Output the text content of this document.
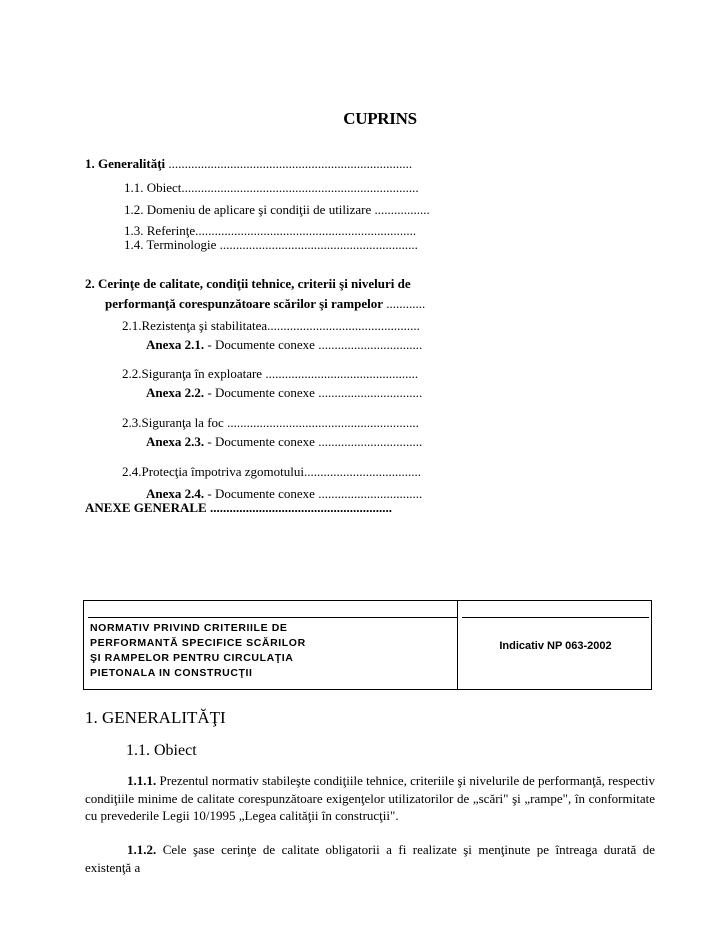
CUPRINS
1. Generalităţi ...........................................................................
1.1. Obiect.........................................................................
1.2. Domeniu de aplicare şi condiţii de utilizare .................
1.3. Referinţe....................................................................
1.4. Terminologie .............................................................
2. Cerinţe de calitate, condiţii tehnice, criterii şi niveluri de
performanţă corespunzătoare scărilor şi rampelor ............
2.1.Rezistenţa şi stabilitatea...............................................
Anexa 2.1. - Documente conexe ................................
2.2.Siguranţa în exploatare ...............................................
Anexa 2.2. - Documente conexe ................................
2.3.Siguranţa la foc ...........................................................
Anexa 2.3. - Documente conexe ................................
2.4.Protecţia împotriva zgomotului....................................
Anexa 2.4. - Documente conexe ................................
ANEXE GENERALE ........................................................
NORMATIV PRIVIND CRITERIILE DE
PERFORMANTĂ SPECIFICE SCĂRILOR
ŞI RAMPELOR PENTRU CIRCULAŢIA
PIETONALA IN CONSTRUCŢII
Indicativ NP 063-2002
1. GENERALITĂŢI
1.1. Obiect
1.1.1. Prezentul normativ stabileşte condiţiile tehnice, criteriile şi nivelurile de performanţă, respectiv condiţiile minime de calitate corespunzătoare exigenţelor utilizatorilor de „scări" şi „rampe", în conformitate cu prevederile Legii 10/1995 „Legea calităţii în construcţii".
1.1.2. Cele şase cerinţe de calitate obligatorii a fi realizate şi menţinute pe întreaga durată de existenţă a
